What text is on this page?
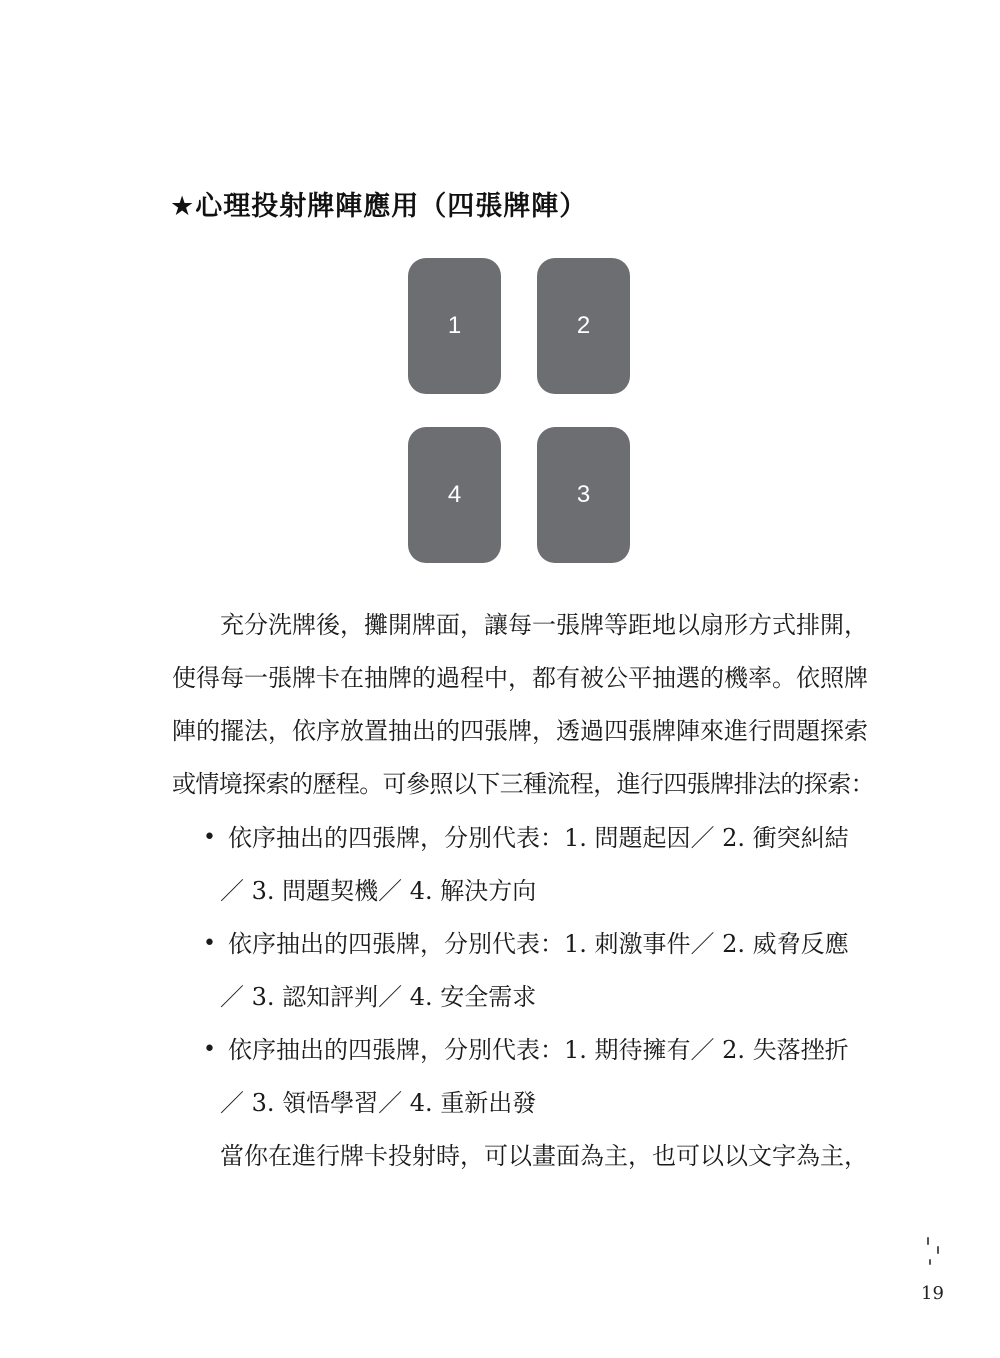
★心理投射牌陣應用（四張牌陣）
1	2
4	3
充分洗牌後，攤開牌面，讓每一張牌等距地以扇形方式排開，
使得每一張牌卡在抽牌的過程中，都有被公平抽選的機率。依照牌
陣的擺法，依序放置抽出的四張牌，透過四張牌陣來進行問題探索
或情境探索的歷程。可參照以下三種流程，進行四張牌排法的探索：
• 依序抽出的四張牌，分別代表：1. 問題起因／ 2. 衝突糾結
／ 3. 問題契機／ 4. 解決方向
• 依序抽出的四張牌，分別代表：1. 刺激事件／ 2. 威脅反應
／ 3. 認知評判／ 4. 安全需求
• 依序抽出的四張牌，分別代表：1. 期待擁有／ 2. 失落挫折
／ 3. 領悟學習／ 4. 重新出發
當你在進行牌卡投射時，可以畫面為主，也可以以文字為主，
19
